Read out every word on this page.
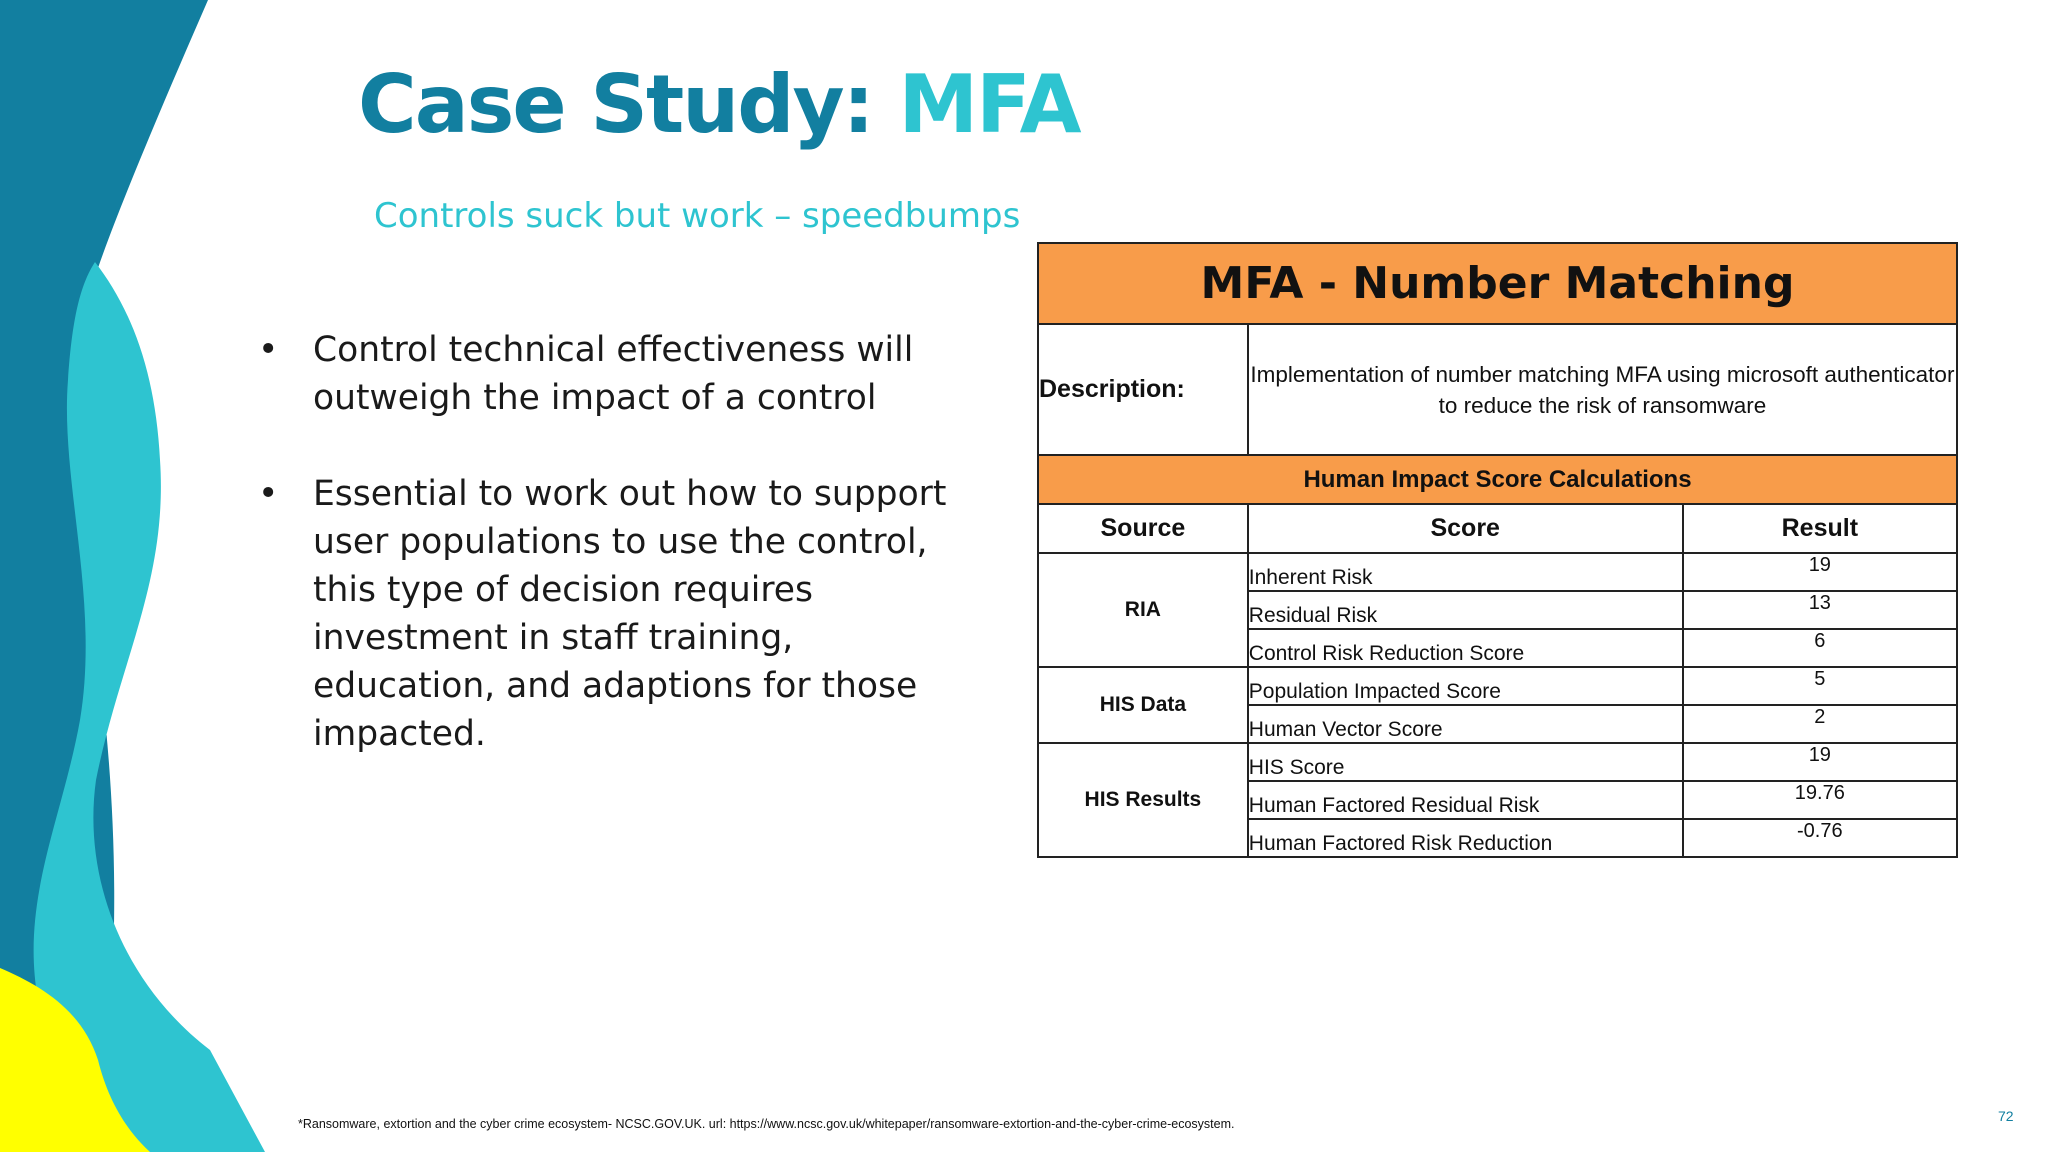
Case Study: MFA
Controls suck but work – speedbumps
• Control technical effectiveness will outweigh the impact of a control
• Essential to work out how to support user populations to use the control, this type of decision requires investment in staff training, education, and adaptions for those impacted.
MFA - Number Matching		
Description:	Implementation of number matching MFA using microsoft authenticator to reduce the risk of ransomware	
Human Impact Score Calculations		
Source	Score	Result
RIA	Inherent Risk	19
	Residual Risk	13
	Control Risk Reduction Score	6
HIS Data	Population Impacted Score	5
	Human Vector Score	2
HIS Results	HIS Score	19
	Human Factored Residual Risk	19.76
	Human Factored Risk Reduction	-0.76
*Ransomware, extortion and the cyber crime ecosystem- NCSC.GOV.UK. url: https://www.ncsc.gov.uk/whitepaper/ransomware-extortion-and-the-cyber-crime-ecosystem.	72
